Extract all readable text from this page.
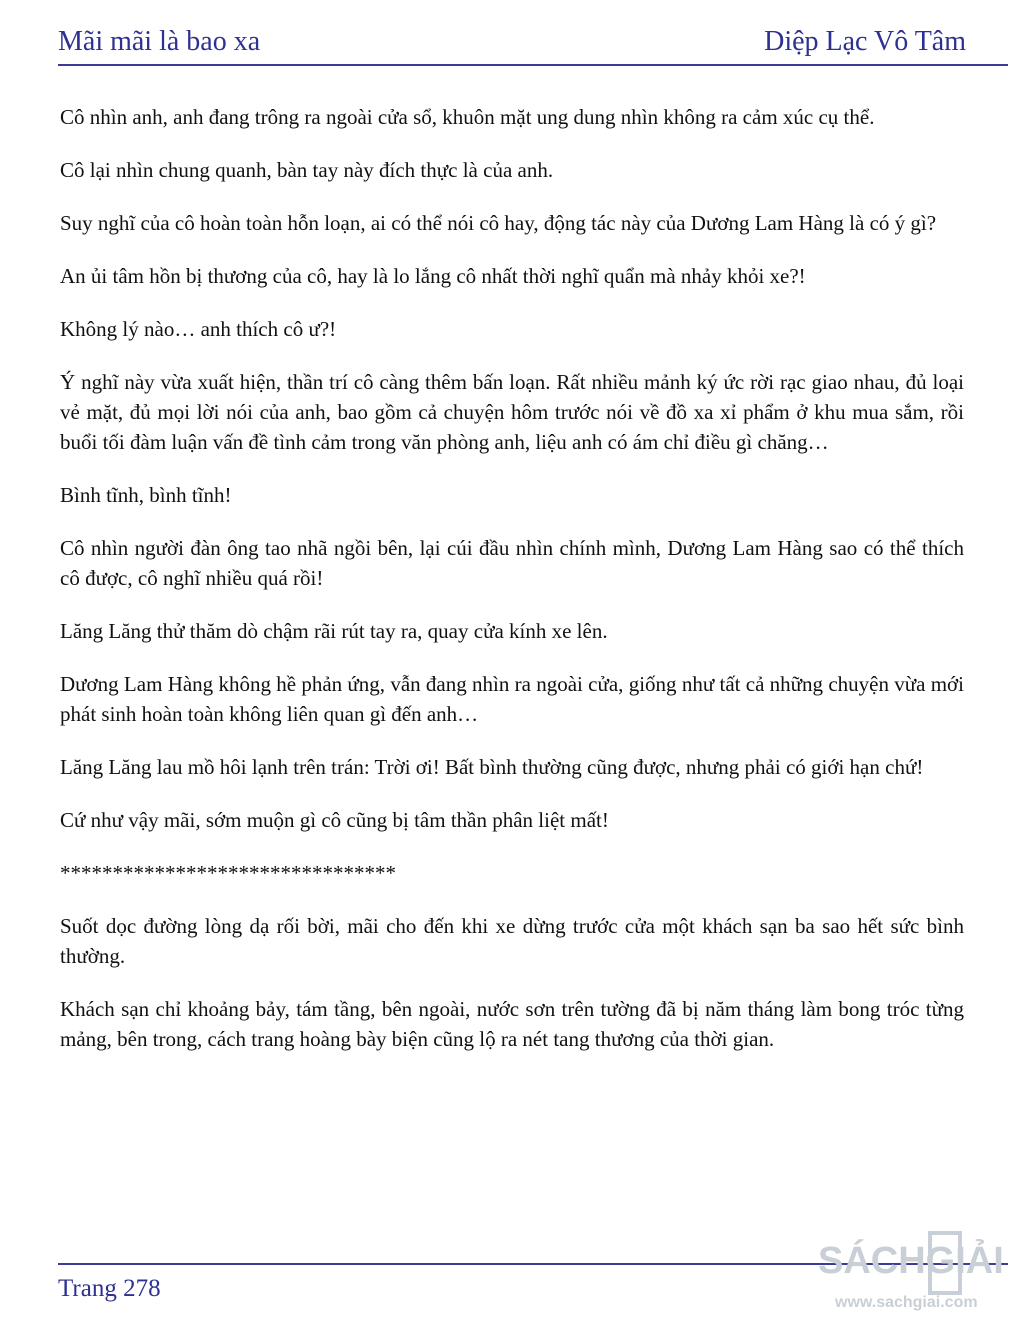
Mãi mãi là bao xa	Diệp Lạc Vô Tâm

Cô nhìn anh, anh đang trông ra ngoài cửa sổ, khuôn mặt ung dung nhìn không ra cảm xúc cụ thể.

Cô lại nhìn chung quanh, bàn tay này đích thực là của anh.

Suy nghĩ của cô hoàn toàn hỗn loạn, ai có thể nói cô hay, động tác này của Dương Lam Hàng là có ý gì?

An ủi tâm hồn bị thương của cô, hay là lo lắng cô nhất thời nghĩ quẩn mà nhảy khỏi xe?!

Không lý nào… anh thích cô ư?!

Ý nghĩ này vừa xuất hiện, thần trí cô càng thêm bấn loạn. Rất nhiều mảnh ký ức rời rạc giao nhau, đủ loại vẻ mặt, đủ mọi lời nói của anh, bao gồm cả chuyện hôm trước nói về đồ xa xỉ phẩm ở khu mua sắm, rồi buổi tối đàm luận vấn đề tình cảm trong văn phòng anh, liệu anh có ám chỉ điều gì chăng…

Bình tĩnh, bình tĩnh!

Cô nhìn người đàn ông tao nhã ngồi bên, lại cúi đầu nhìn chính mình, Dương Lam Hàng sao có thể thích cô được, cô nghĩ nhiều quá rồi!

Lăng Lăng thử thăm dò chậm rãi rút tay ra, quay cửa kính xe lên.

Dương Lam Hàng không hề phản ứng, vẫn đang nhìn ra ngoài cửa, giống như tất cả những chuyện vừa mới phát sinh hoàn toàn không liên quan gì đến anh…

Lăng Lăng lau mồ hôi lạnh trên trán: Trời ơi! Bất bình thường cũng được, nhưng phải có giới hạn chứ!

Cứ như vậy mãi, sớm muộn gì cô cũng bị tâm thần phân liệt mất!

********************************

Suốt dọc đường lòng dạ rối bời, mãi cho đến khi xe dừng trước cửa một khách sạn ba sao hết sức bình thường.

Khách sạn chỉ khoảng bảy, tám tầng, bên ngoài, nước sơn trên tường đã bị năm tháng làm bong tróc từng mảng, bên trong, cách trang hoàng bày biện cũng lộ ra nét tang thương của thời gian.

Trang 278
SÁCHGIẢI
www.sachgiai.com
